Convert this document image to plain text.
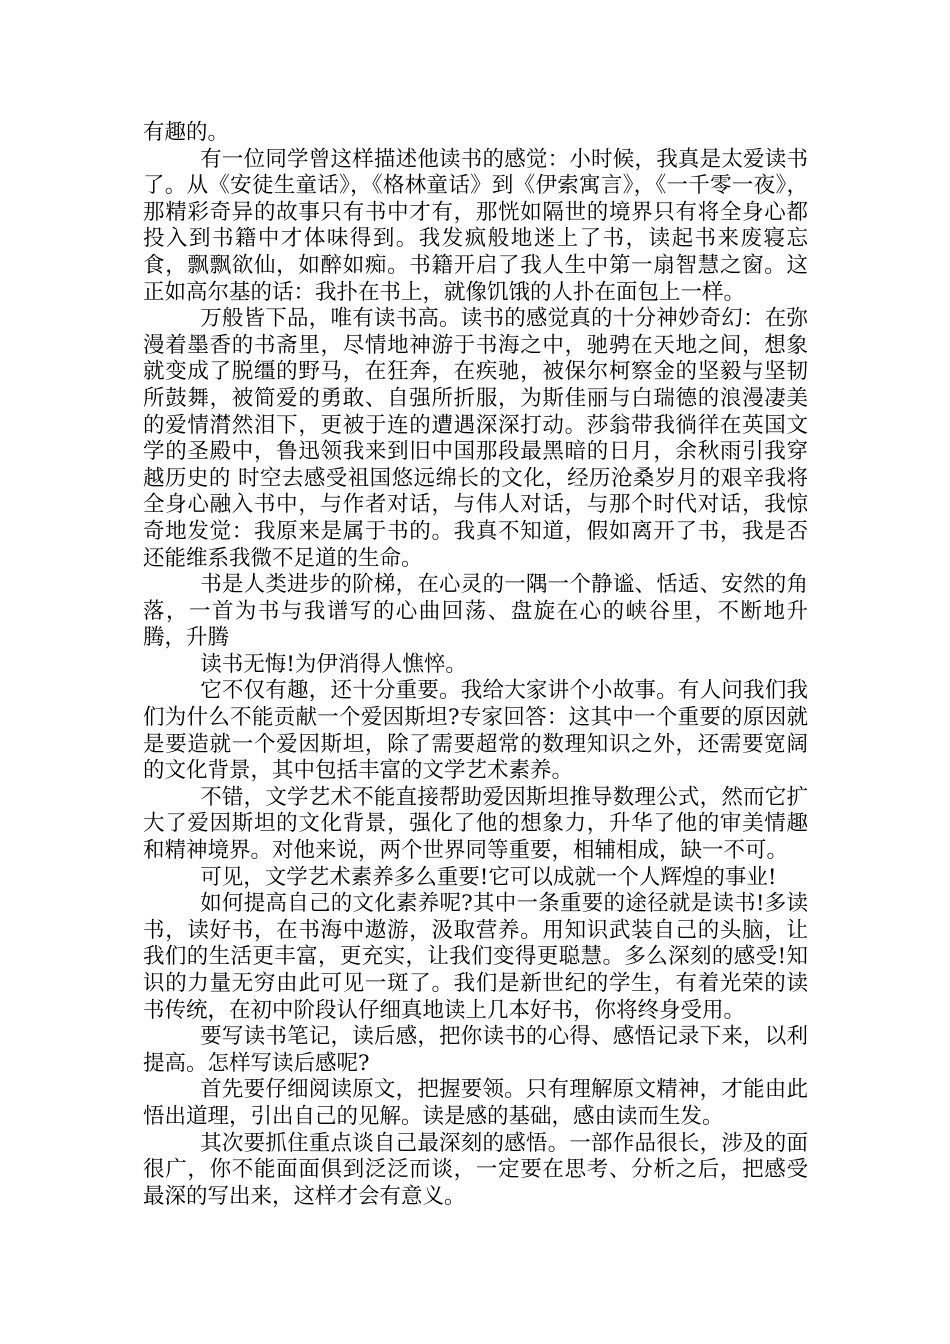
有趣的。

有一位同学曾这样描述他读书的感觉：小时候，我真是太爱读书了。从《安徒生童话》，《格林童话》到《伊索寓言》，《一千零一夜》，那精彩奇异的故事只有书中才有，那恍如隔世的境界只有将全身心都投入到书籍中才体味得到。我发疯般地迷上了书，读起书来废寝忘食，飘飘欲仙，如醉如痴。书籍开启了我人生中第一扇智慧之窗。这正如高尔基的话：我扑在书上，就像饥饿的人扑在面包上一样。

万般皆下品，唯有读书高。读书的感觉真的十分神妙奇幻：在弥漫着墨香的书斋里，尽情地神游于书海之中，驰骋在天地之间，想象就变成了脱缰的野马，在狂奔，在疾驰，被保尔柯察金的坚毅与坚韧所鼓舞，被简爱的勇敢、自强所折服，为斯佳丽与白瑞德的浪漫凄美的爱情潸然泪下，更被于连的遭遇深深打动。莎翁带我徜徉在英国文学的圣殿中，鲁迅领我来到旧中国那段最黑暗的日月，余秋雨引我穿越历史的 时空去感受祖国悠远绵长的文化，经历沧桑岁月的艰辛我将全身心融入书中，与作者对话，与伟人对话，与那个时代对话，我惊奇地发觉：我原来是属于书的。我真不知道，假如离开了书，我是否还能维系我微不足道的生命。

书是人类进步的阶梯，在心灵的一隅一个静谧、恬适、安然的角落，一首为书与我谱写的心曲回荡、盘旋在心的峡谷里，不断地升腾，升腾

读书无悔!为伊消得人憔悴。

它不仅有趣，还十分重要。我给大家讲个小故事。有人问我们我们为什么不能贡献一个爱因斯坦?专家回答：这其中一个重要的原因就是要造就一个爱因斯坦，除了需要超常的数理知识之外，还需要宽阔的文化背景，其中包括丰富的文学艺术素养。

不错，文学艺术不能直接帮助爱因斯坦推导数理公式，然而它扩大了爱因斯坦的文化背景，强化了他的想象力，升华了他的审美情趣和精神境界。对他来说，两个世界同等重要，相辅相成，缺一不可。

可见，文学艺术素养多么重要!它可以成就一个人辉煌的事业!

如何提高自己的文化素养呢?其中一条重要的途径就是读书!多读书，读好书，在书海中遨游，汲取营养。用知识武装自己的头脑，让我们的生活更丰富，更充实，让我们变得更聪慧。多么深刻的感受!知识的力量无穷由此可见一斑了。我们是新世纪的学生，有着光荣的读书传统，在初中阶段认仔细真地读上几本好书，你将终身受用。

要写读书笔记，读后感，把你读书的心得、感悟记录下来，以利提高。怎样写读后感呢?

首先要仔细阅读原文，把握要领。只有理解原文精神，才能由此悟出道理，引出自己的见解。读是感的基础，感由读而生发。

其次要抓住重点谈自己最深刻的感悟。一部作品很长，涉及的面很广，你不能面面俱到泛泛而谈，一定要在思考、分析之后，把感受最深的写出来，这样才会有意义。
